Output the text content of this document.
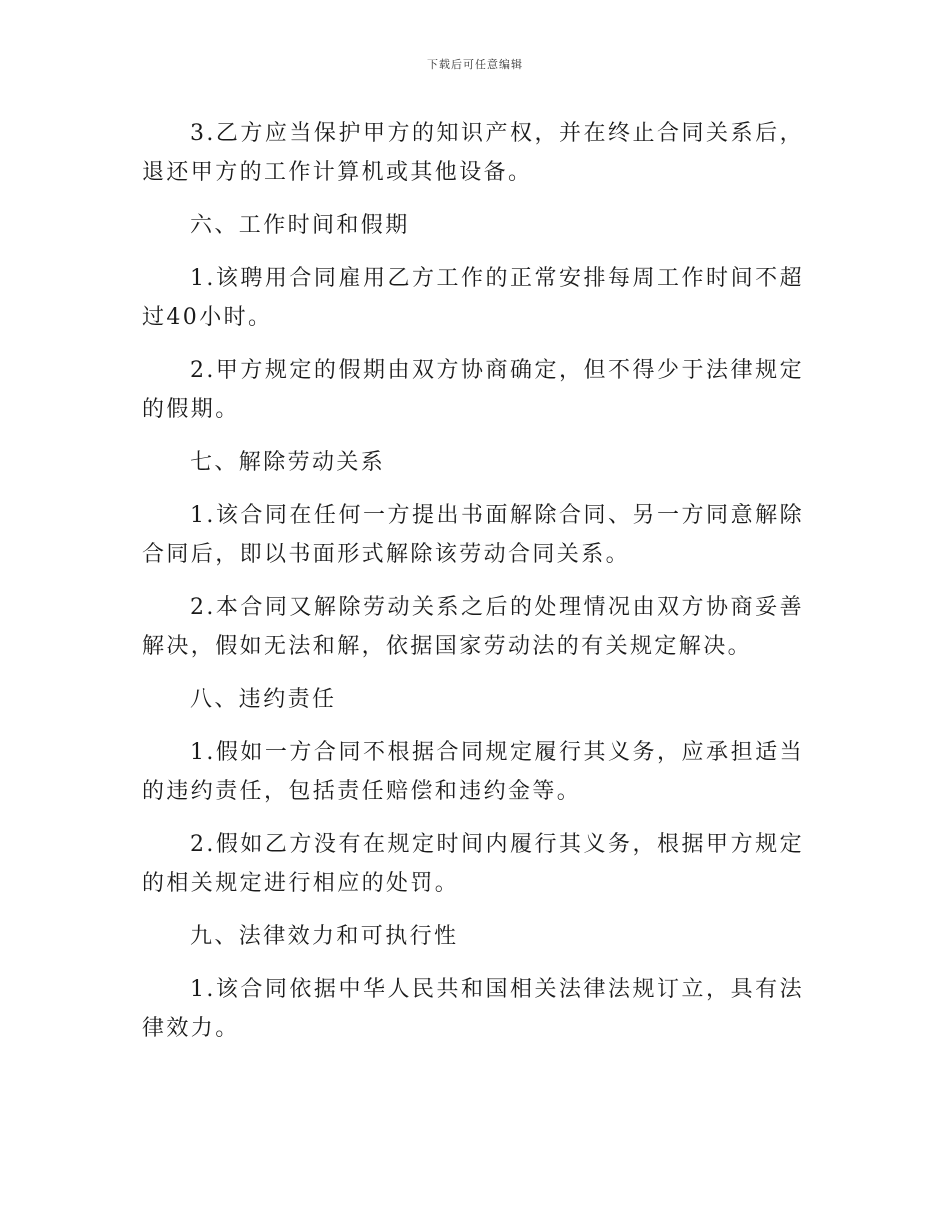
下载后可任意编辑

3.乙方应当保护甲方的知识产权，并在终止合同关系后，退还甲方的工作计算机或其他设备。

六、工作时间和假期

1.该聘用合同雇用乙方工作的正常安排每周工作时间不超过40小时。

2.甲方规定的假期由双方协商确定，但不得少于法律规定的假期。

七、解除劳动关系

1.该合同在任何一方提出书面解除合同、另一方同意解除合同后，即以书面形式解除该劳动合同关系。

2.本合同又解除劳动关系之后的处理情况由双方协商妥善解决，假如无法和解，依据国家劳动法的有关规定解决。

八、违约责任

1.假如一方合同不根据合同规定履行其义务，应承担适当的违约责任，包括责任赔偿和违约金等。

2.假如乙方没有在规定时间内履行其义务，根据甲方规定的相关规定进行相应的处罚。

九、法律效力和可执行性

1.该合同依据中华人民共和国相关法律法规订立，具有法律效力。
